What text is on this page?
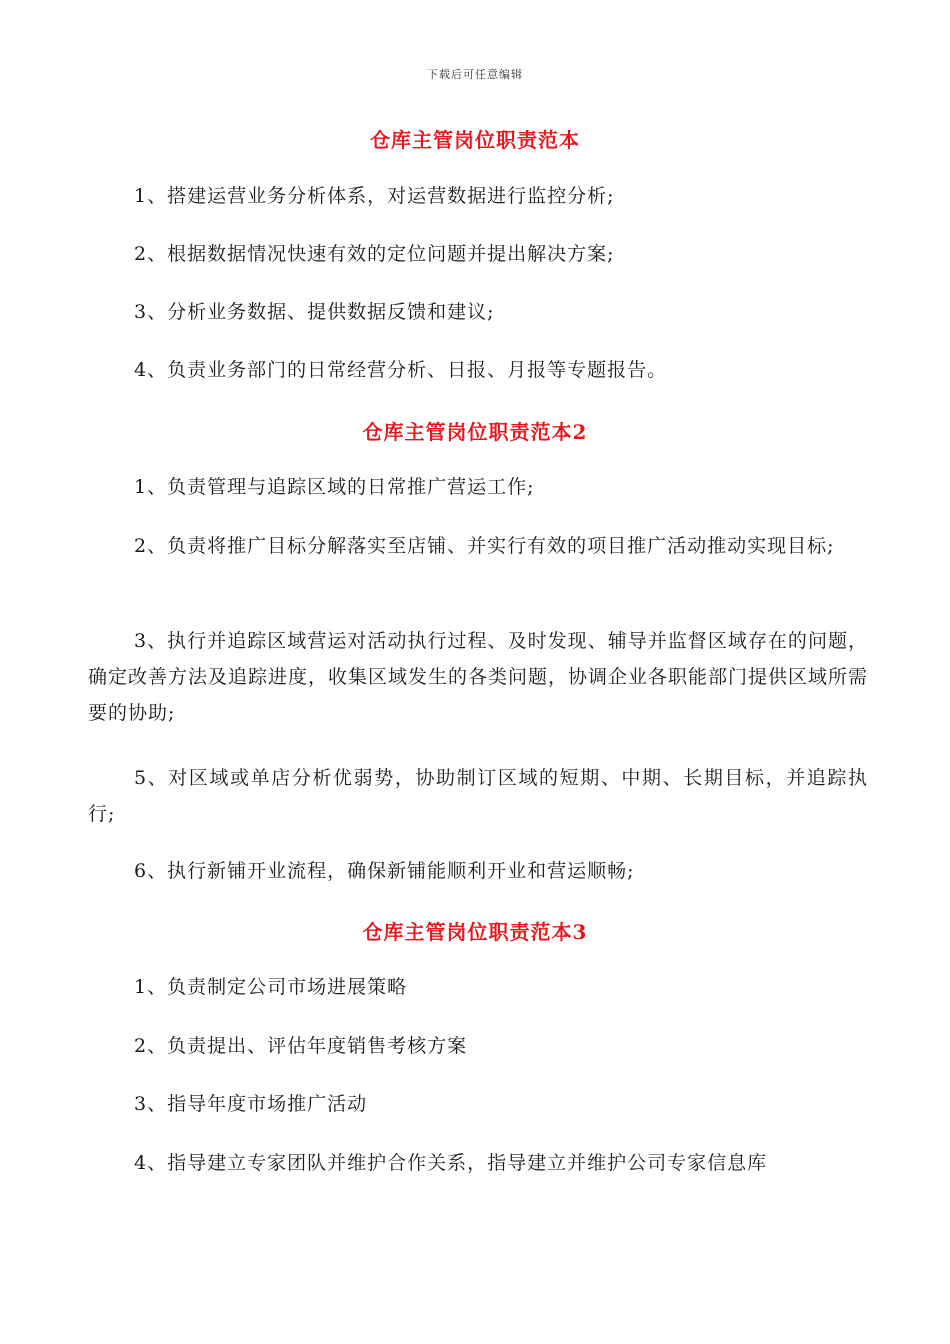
下载后可任意编辑
仓库主管岗位职责范本
1、搭建运营业务分析体系，对运营数据进行监控分析;
2、根据数据情况快速有效的定位问题并提出解决方案;
3、分析业务数据、提供数据反馈和建议;
4、负责业务部门的日常经营分析、日报、月报等专题报告。
仓库主管岗位职责范本2
1、负责管理与追踪区域的日常推广营运工作;
2、负责将推广目标分解落实至店铺、并实行有效的项目推广活动推动实现目标;
3、执行并追踪区域营运对活动执行过程、及时发现、辅导并监督区域存在的问题，确定改善方法及追踪进度，收集区域发生的各类问题，协调企业各职能部门提供区域所需要的协助;
5、对区域或单店分析优弱势，协助制订区域的短期、中期、长期目标，并追踪执行;
6、执行新铺开业流程，确保新铺能顺利开业和营运顺畅;
仓库主管岗位职责范本3
1、负责制定公司市场进展策略
2、负责提出、评估年度销售考核方案
3、指导年度市场推广活动
4、指导建立专家团队并维护合作关系，指导建立并维护公司专家信息库
